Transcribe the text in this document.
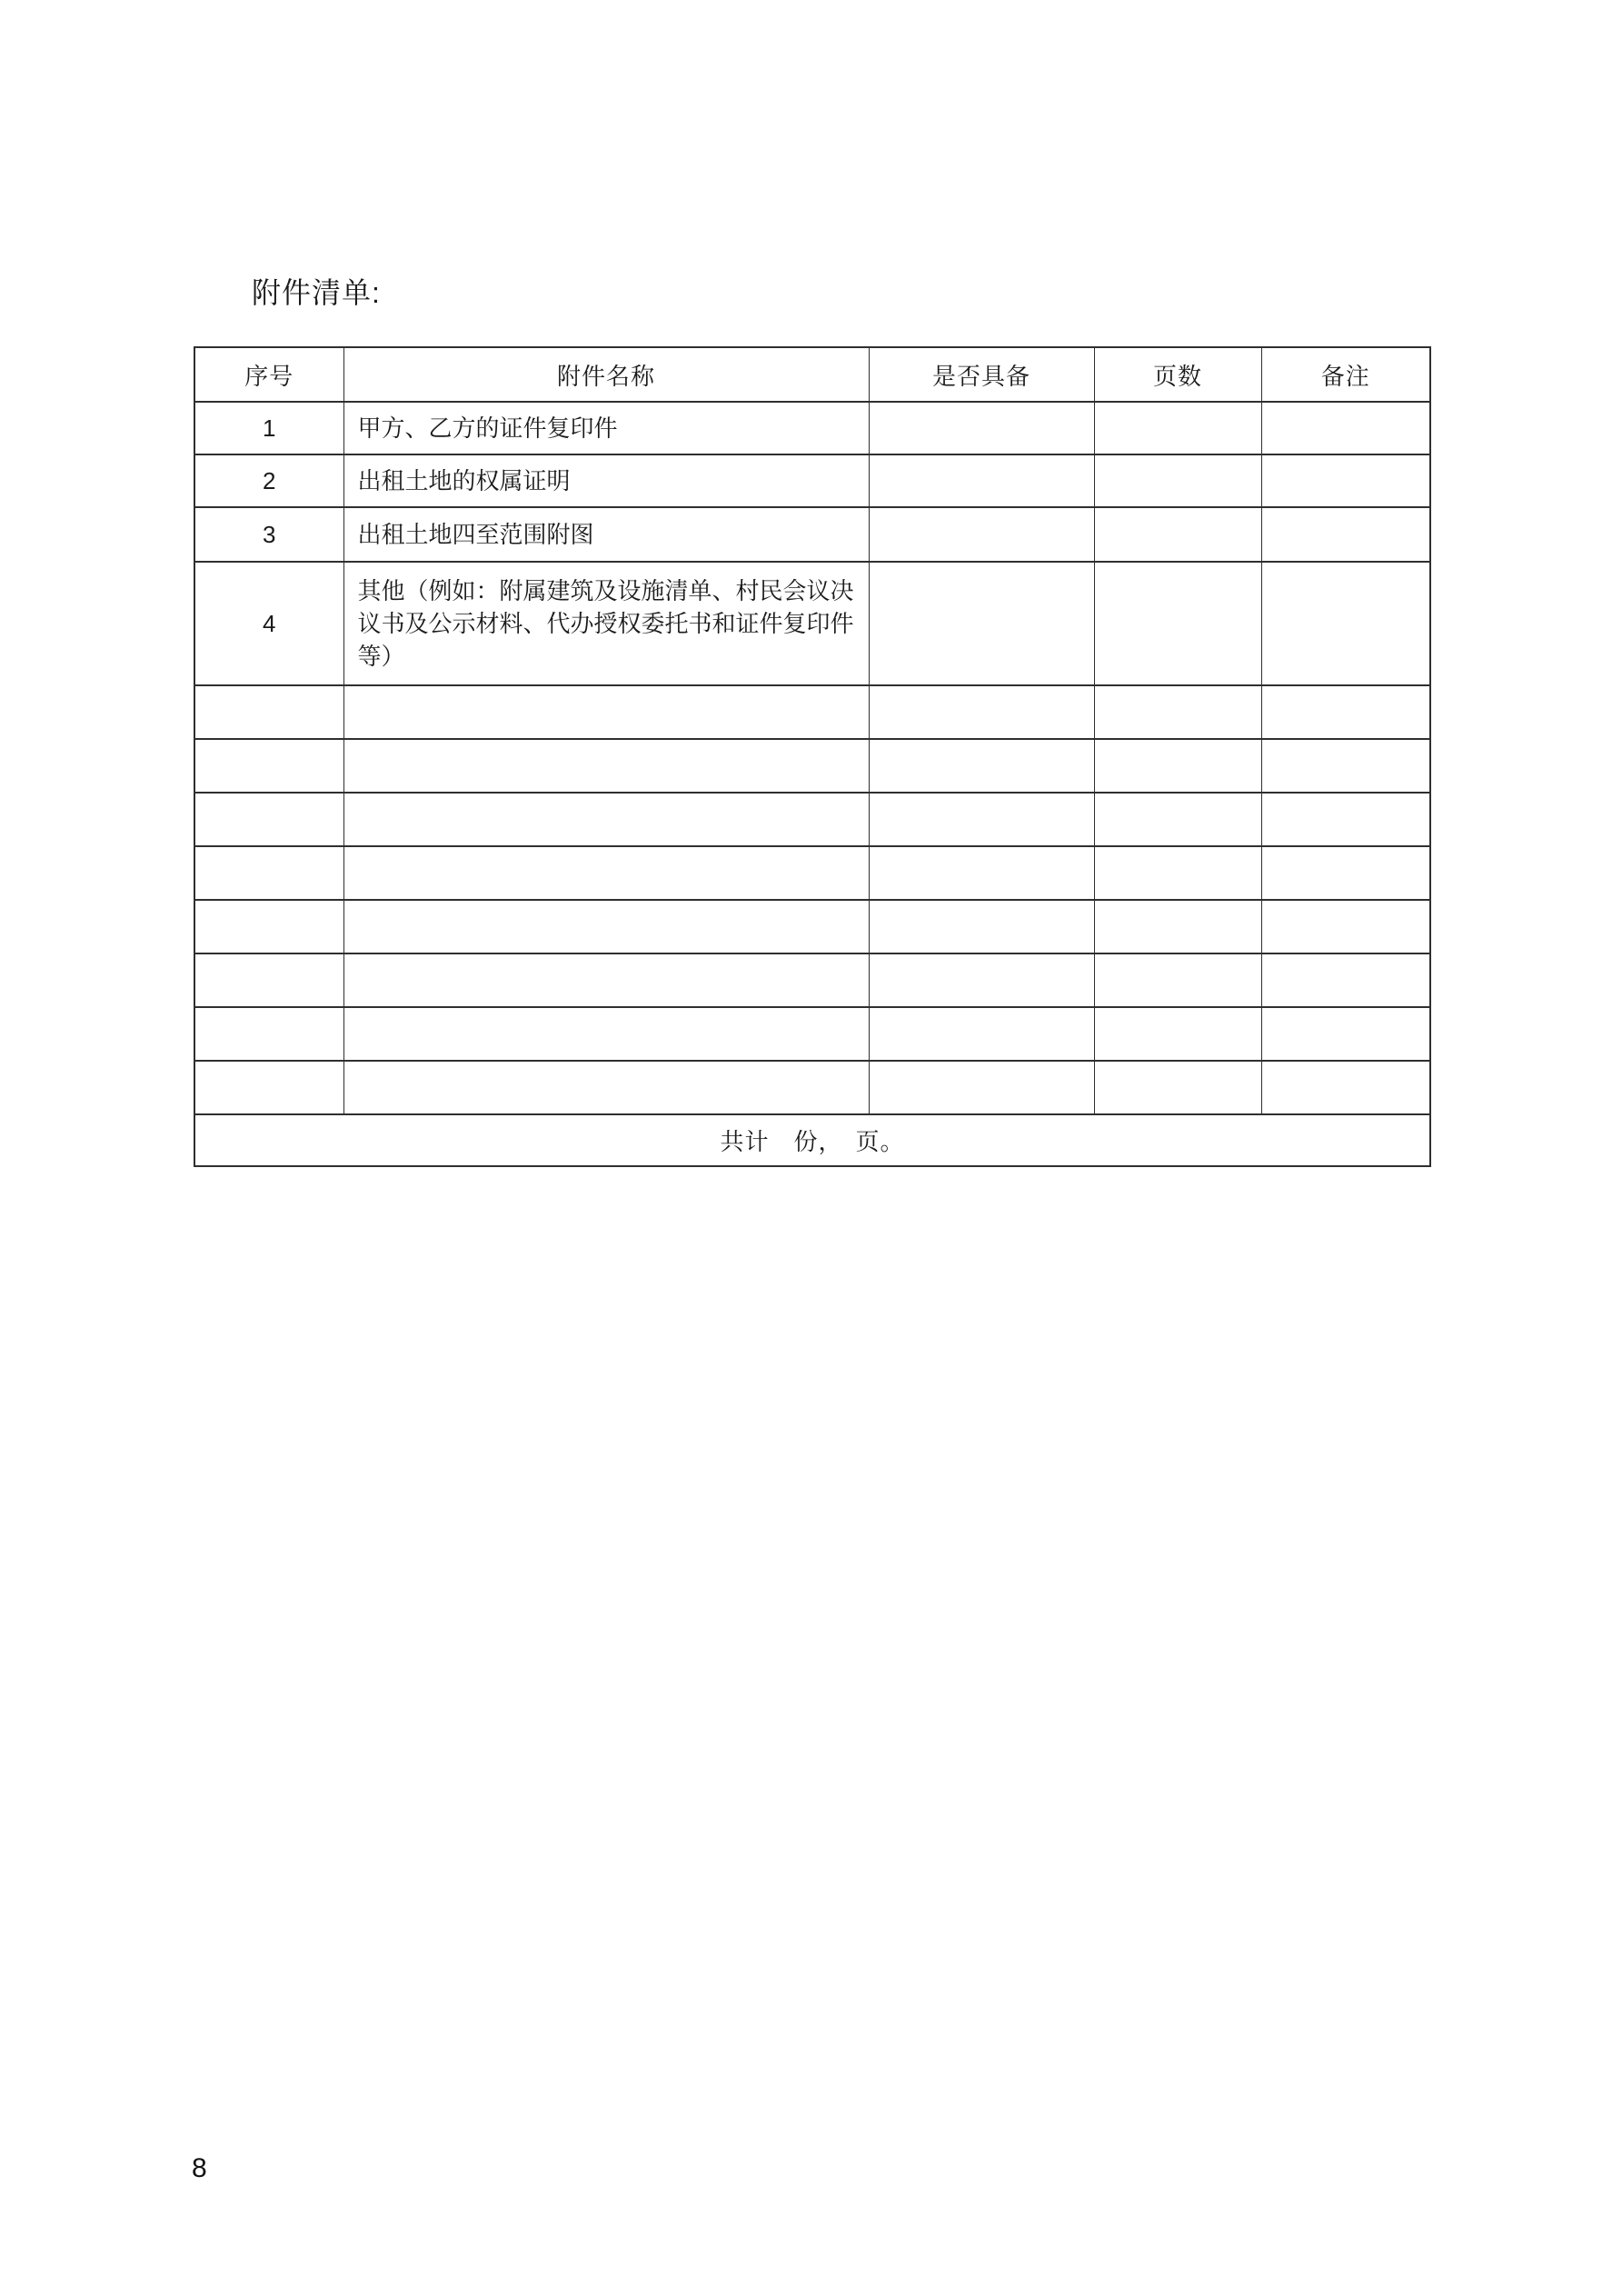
附件清单:
序号	附件名称	是否具备	页数	备注
1	甲方、乙方的证件复印件			
2	出租土地的权属证明			
3	出租土地四至范围附图			
4	其他（例如：附属建筑及设施清单、村民会议决议书及公示材料、代办授权委托书和证件复印件等）			

共计　份，　页。				
8
